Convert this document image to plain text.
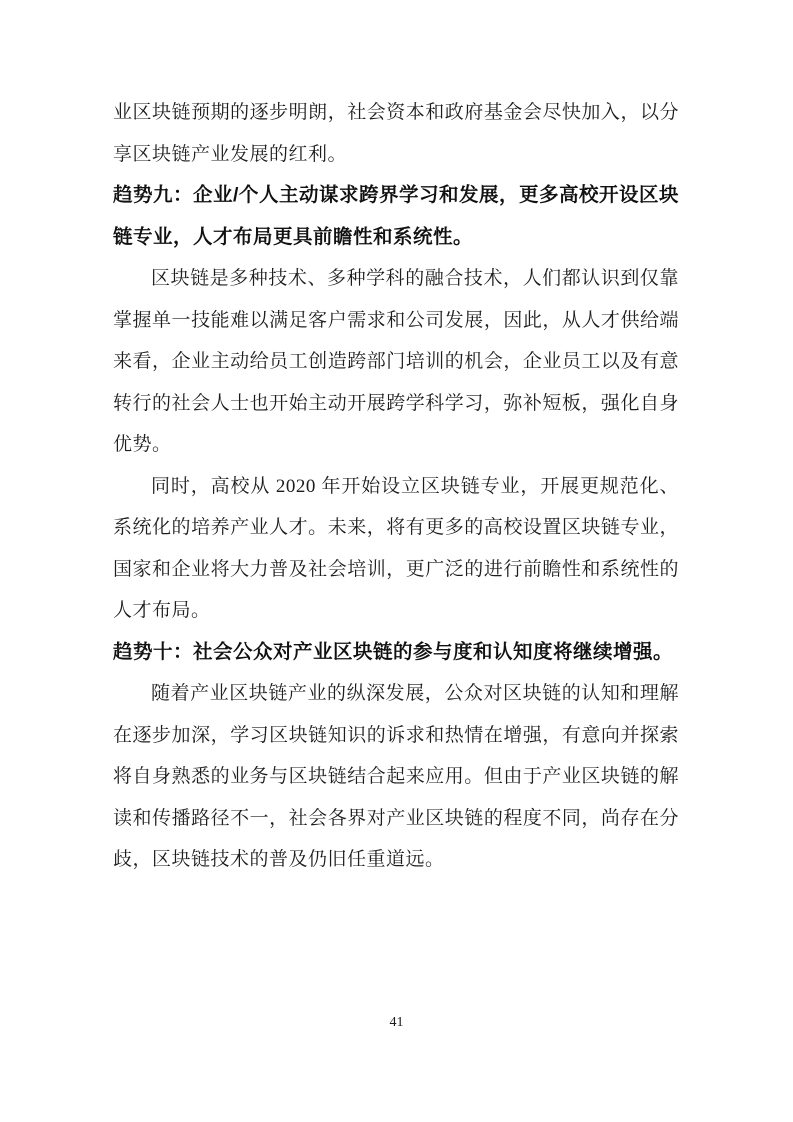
业区块链预期的逐步明朗，社会资本和政府基金会尽快加入，以分享区块链产业发展的红利。

趋势九：企业/个人主动谋求跨界学习和发展，更多高校开设区块链专业，人才布局更具前瞻性和系统性。

区块链是多种技术、多种学科的融合技术，人们都认识到仅靠掌握单一技能难以满足客户需求和公司发展，因此，从人才供给端来看，企业主动给员工创造跨部门培训的机会，企业员工以及有意转行的社会人士也开始主动开展跨学科学习，弥补短板，强化自身优势。

同时，高校从 2020 年开始设立区块链专业，开展更规范化、系统化的培养产业人才。未来，将有更多的高校设置区块链专业，国家和企业将大力普及社会培训，更广泛的进行前瞻性和系统性的人才布局。

趋势十：社会公众对产业区块链的参与度和认知度将继续增强。

随着产业区块链产业的纵深发展，公众对区块链的认知和理解在逐步加深，学习区块链知识的诉求和热情在增强，有意向并探索将自身熟悉的业务与区块链结合起来应用。但由于产业区块链的解读和传播路径不一，社会各界对产业区块链的程度不同，尚存在分歧，区块链技术的普及仍旧任重道远。

41
